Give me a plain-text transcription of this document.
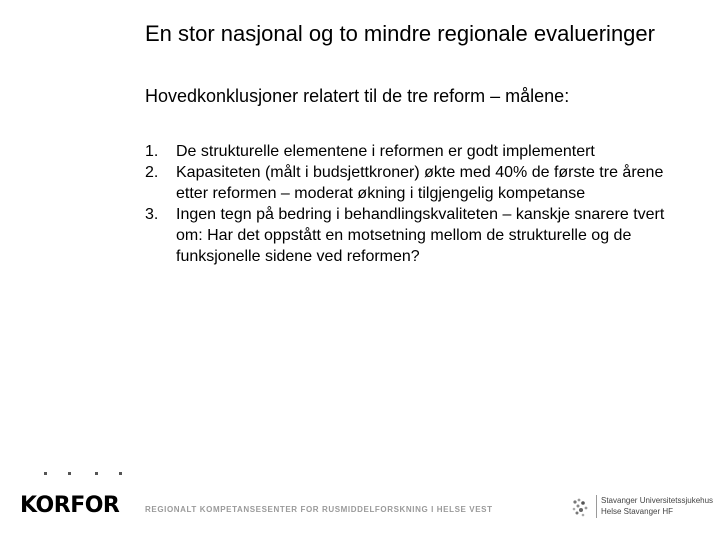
En stor nasjonal og to mindre regionale evalueringer
Hovedkonklusjoner relatert til de tre reform – målene:
1. De strukturelle elementene i reformen er godt implementert
2. Kapasiteten (målt i budsjettkroner) økte med 40% de første tre årene etter reformen – moderat økning i tilgjengelig kompetanse
3. Ingen tegn på bedring i behandlingskvaliteten – kanskje snarere tvert om: Har det oppstått en motsetning mellom de strukturelle og de funksjonelle sidene ved reformen?
KORFOR	REGIONALT KOMPETANSESENTER FOR RUSMIDDELFORSKNING I HELSE VEST
Stavanger Universitetssjukehus
Helse Stavanger HF
